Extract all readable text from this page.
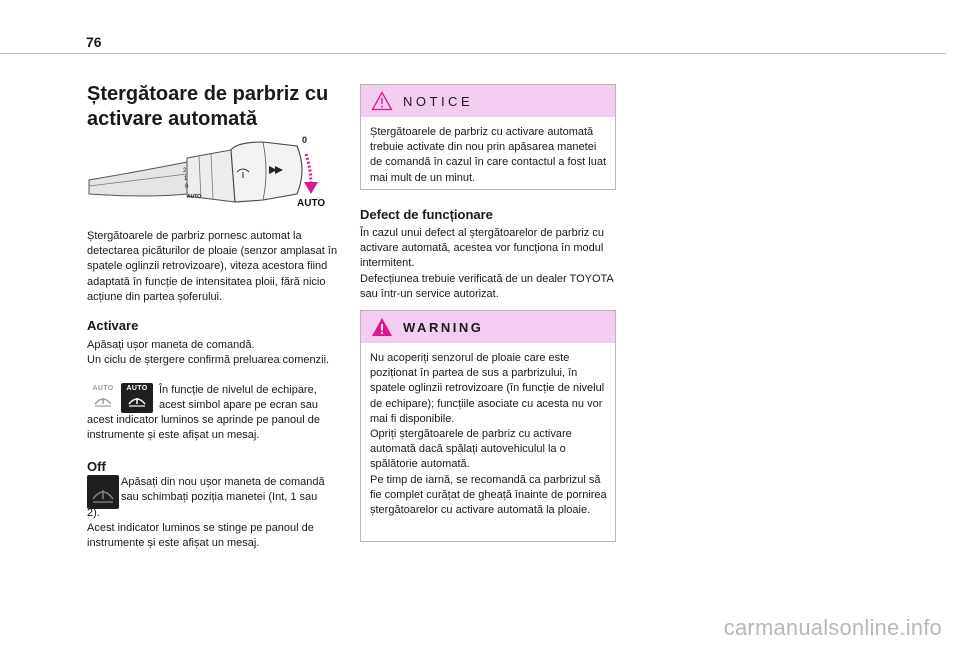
76
Ștergătoare de parbriz cu activare automată
2
1
0
AUTO
0
AUTO
Ștergătoarele de parbriz pornesc automat la detectarea picăturilor de ploaie (senzor amplasat în spatele oglinzii retrovizoare), viteza acestora fiind adaptată în funcție de intensitatea ploii, fără nicio acțiune din partea șoferului.
Activare
Apăsați ușor maneta de comandă.
Un ciclu de ștergere confirmă preluarea comenzii.
AUTO AUTO În funcție de nivelul de echipare, acest simbol apare pe ecran sau
acest indicator luminos se aprinde pe panoul de instrumente și este afișat un mesaj.
Off
Apăsați din nou ușor maneta de comandă sau schimbați poziția manetei (Int, 1 sau
2).
Acest indicator luminos se stinge pe panoul de instrumente și este afișat un mesaj.
NOTICE
Ștergătoarele de parbriz cu activare automată trebuie activate din nou prin apăsarea manetei de comandă în cazul în care contactul a fost luat mai mult de un minut.
Defect de funcționare
În cazul unui defect al ștergătoarelor de parbriz cu activare automată, acestea vor funcționa în modul intermitent.
Defecțiunea trebuie verificată de un dealer TOYOTA sau într-un service autorizat.
WARNING
Nu acoperiți senzorul de ploaie care este poziționat în partea de sus a parbrizului, în spatele oglinzii retrovizoare (în funcție de nivelul de echipare); funcțiile asociate cu acesta nu vor mai fi disponibile.
Opriți ștergătoarele de parbriz cu activare automată dacă spălați autovehiculul la o spălătorie automată.
Pe timp de iarnă, se recomandă ca parbrizul să fie complet curățat de gheață înainte de pornirea ștergătoarelor cu activare automată la ploaie.
carmanualsonline.info
